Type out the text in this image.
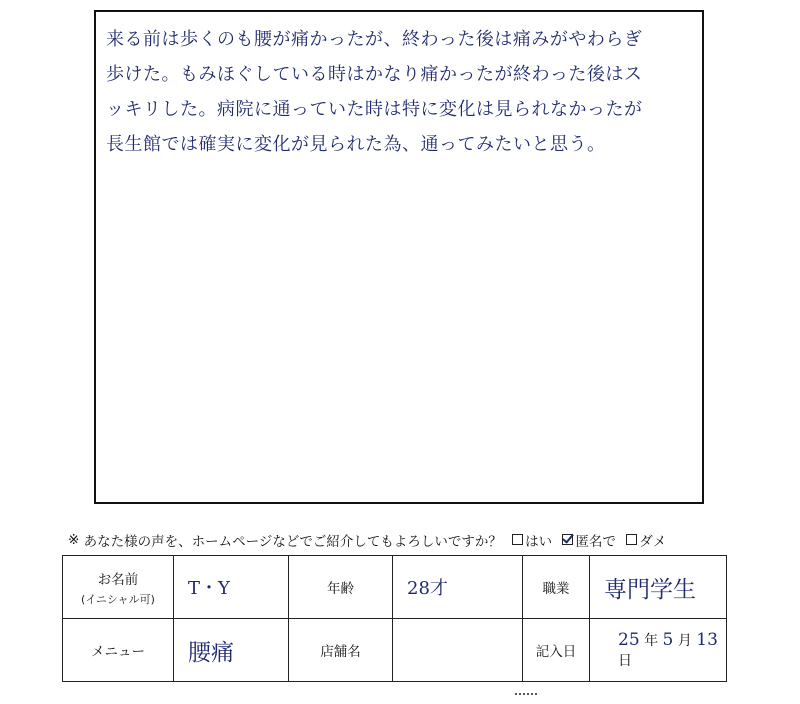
来る前は歩くのも腰が痛かったが、終わった後は痛みがやわらぎ
歩けた。もみほぐしている時はかなり痛かったが終わった後はス
ッキリした。病院に通っていた時は特に変化は見られなかったが
長生館では確実に変化が見られた為、通ってみたいと思う。
※ あなた様の声を、ホームページなどでご紹介してもよろしいですか？ はい 匿名で ダメ
お名前
(イニシャル可)	T・Y	年齢	28才	職業	専門学生
メニュー	腰痛	店舗名		記入日	25 年 5 月 13 日
